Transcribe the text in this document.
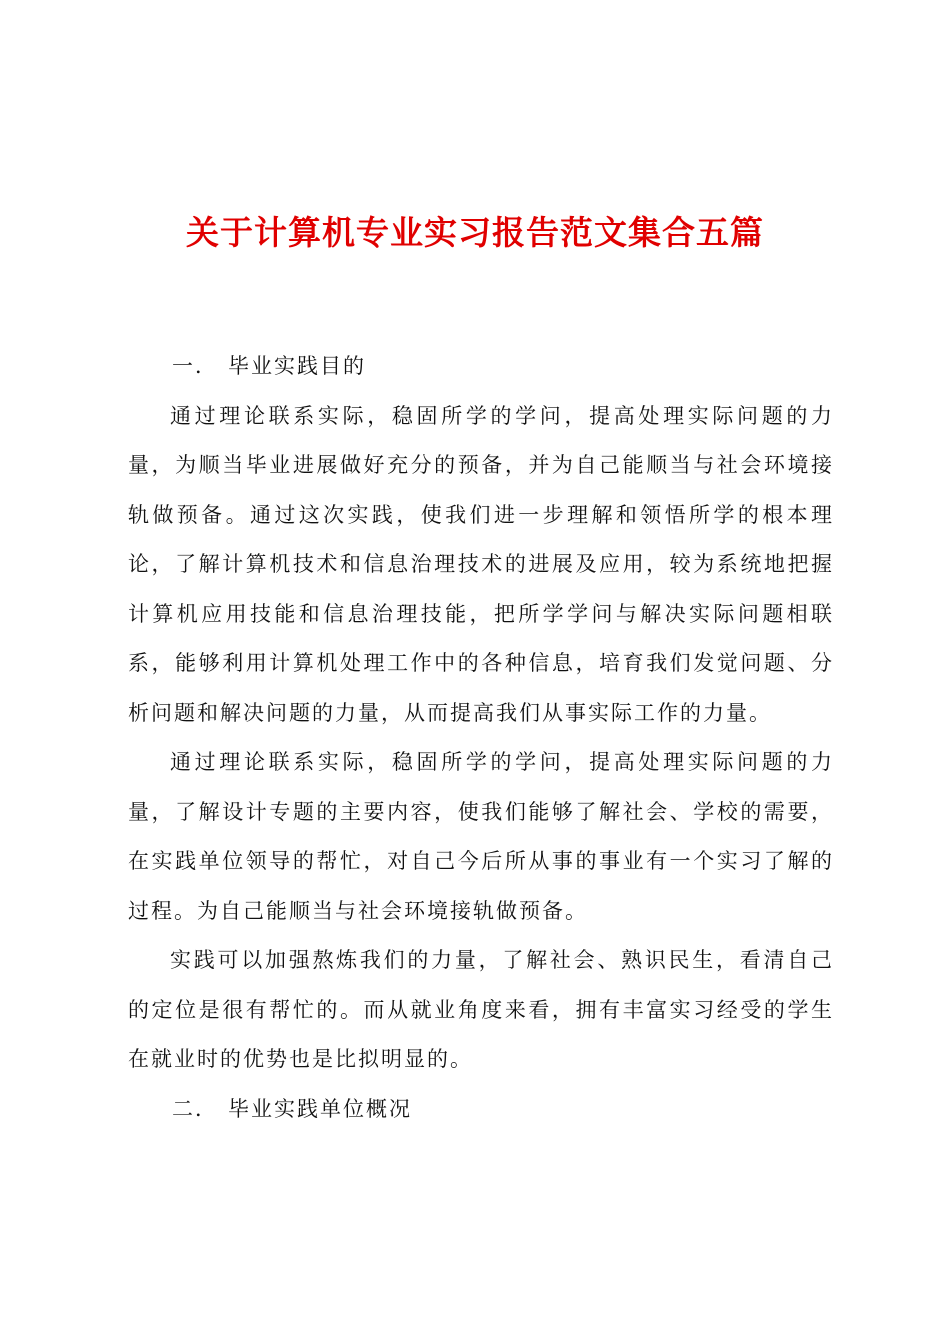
关于计算机专业实习报告范文集合五篇

一． 毕业实践目的

通过理论联系实际，稳固所学的学问，提高处理实际问题的力量，为顺当毕业进展做好充分的预备，并为自己能顺当与社会环境接轨做预备。通过这次实践，使我们进一步理解和领悟所学的根本理论，了解计算机技术和信息治理技术的进展及应用，较为系统地把握计算机应用技能和信息治理技能，把所学学问与解决实际问题相联系，能够利用计算机处理工作中的各种信息，培育我们发觉问题、分析问题和解决问题的力量，从而提高我们从事实际工作的力量。

通过理论联系实际，稳固所学的学问，提高处理实际问题的力量，了解设计专题的主要内容，使我们能够了解社会、学校的需要，在实践单位领导的帮忙，对自己今后所从事的事业有一个实习了解的过程。为自己能顺当与社会环境接轨做预备。

实践可以加强熬炼我们的力量，了解社会、熟识民生，看清自己的定位是很有帮忙的。而从就业角度来看，拥有丰富实习经受的学生在就业时的优势也是比拟明显的。

二． 毕业实践单位概况
